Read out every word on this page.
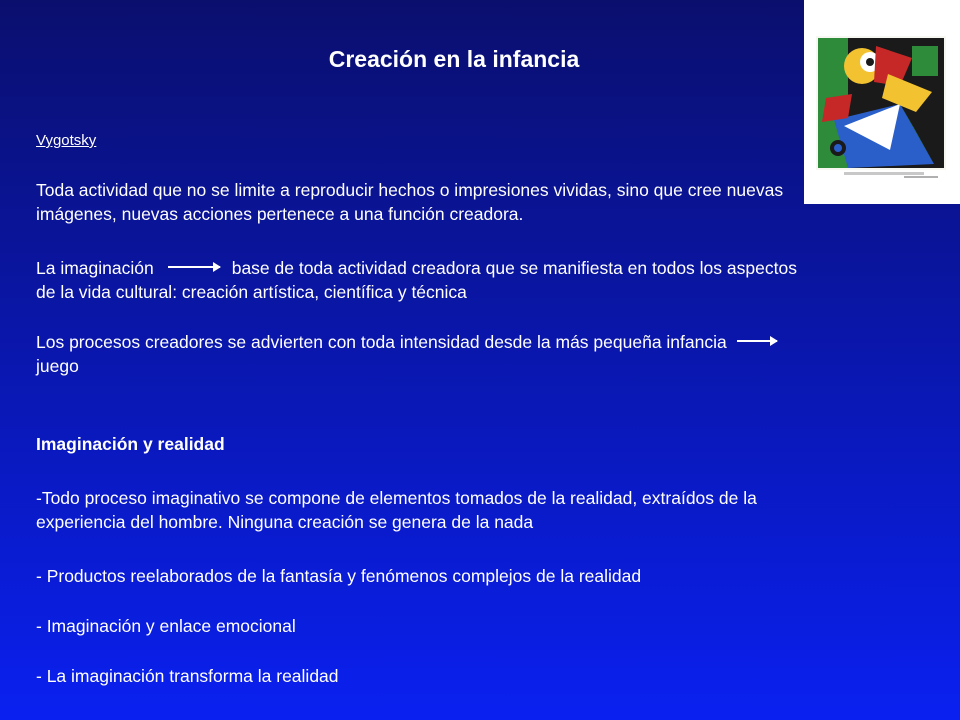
Creación en la infancia
Vygotsky
Toda actividad que no se limite a reproducir hechos o impresiones vividas, sino que cree nuevas imágenes, nuevas acciones pertenece a una función creadora.
La imaginación	base de toda actividad creadora que se manifiesta en todos los aspectos de la vida cultural: creación artística, científica y técnica
Los procesos creadores se advierten con toda intensidad desde la más pequeña infanciajuego
Imaginación y realidad
-Todo proceso imaginativo se compone de elementos tomados de la realidad, extraídos de la experiencia del hombre. Ninguna creación se genera de la nada
- Productos reelaborados de la fantasía y fenómenos complejos de la realidad
- Imaginación y enlace emocional
- La imaginación transforma la realidad
